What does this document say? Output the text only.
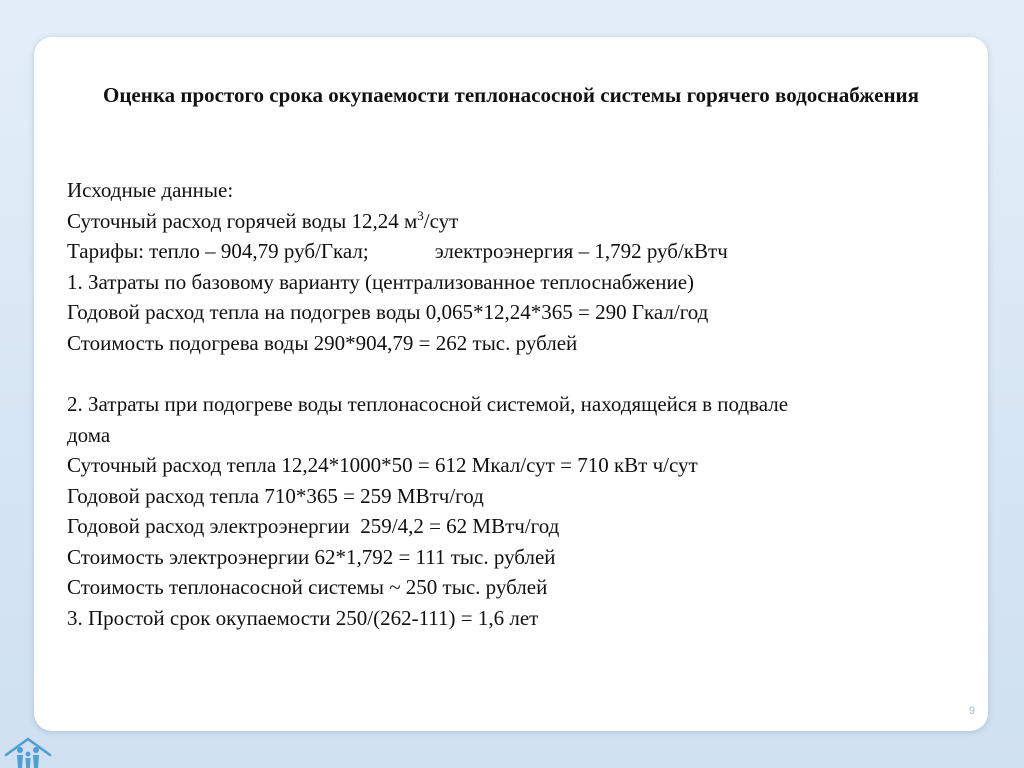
Оценка простого срока окупаемости теплонасосной системы горячего водоснабжения
Исходные данные:
Суточный расход горячей воды 12,24 $м^3$/сут
Тарифы: тепло – 904,79 руб/Гкал;	электроэнергия – 1,792 руб/кВтч
1. Затраты по базовому варианту (централизованное теплоснабжение)
Годовой расход тепла на подогрев воды 0,065*12,24*365 = 290 Гкал/год
Стоимость подогрева воды 290*904,79 = 262 тыс. рублей
2. Затраты при подогреве воды теплонасосной системой, находящейся в подвале
дома
Суточный расход тепла 12,24*1000*50 = 612 Мкал/сут = 710 кВт ч/сут
Годовой расход тепла 710*365 = 259 МВтч/год
Годовой расход электроэнергии  259/4,2 = 62 МВтч/год
Стоимость электроэнергии 62*1,792 = 111 тыс. рублей
Стоимость теплонасосной системы ~ 250 тыс. рублей
3. Простой срок окупаемости 250/(262-111) = 1,6 лет
9
